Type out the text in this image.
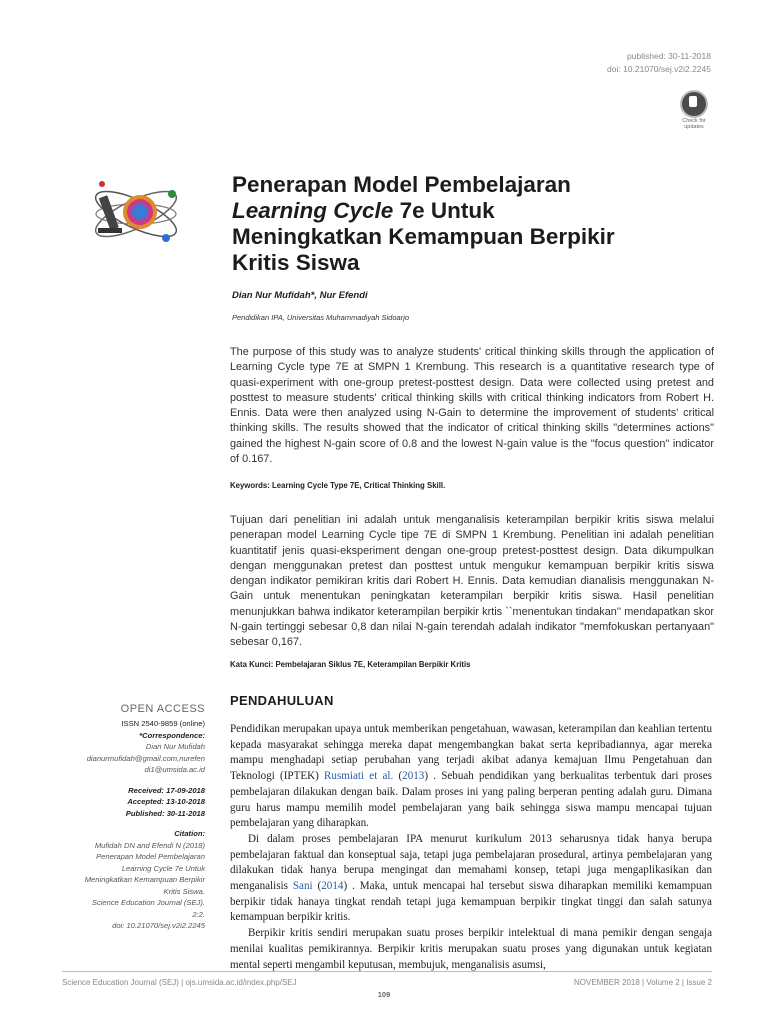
published: 30-11-2018
doi: 10.21070/sej.v2i2.2245
Check for
updates
Penerapan Model Pembelajaran
Learning Cycle 7e Untuk
Meningkatkan Kemampuan Berpikir
Kritis Siswa
Dian Nur Mufidah*, Nur Efendi
Pendidikan IPA, Universitas Muhammadiyah Sidoarjo
The purpose of this study was to analyze students' critical thinking skills through the application of Learning Cycle type 7E at SMPN 1 Krembung. This research is a quantitative research type of quasi-experiment with one-group pretest-posttest design. Data were collected using pretest and posttest to measure students' critical thinking skills with critical thinking indicators from Robert H. Ennis. Data were then analyzed using N-Gain to determine the improvement of students' critical thinking skills. The results showed that the indicator of critical thinking skills "determines actions" gained the highest N-gain score of 0.8 and the lowest N-gain value is the "focus question" indicator of 0.167.
Keywords: Learning Cycle Type 7E, Critical Thinking Skill.
Tujuan dari penelitian ini adalah untuk menganalisis keterampilan berpikir kritis siswa melalui penerapan model Learning Cycle tipe 7E di SMPN 1 Krembung. Penelitian ini adalah penelitian kuantitatif jenis quasi-eksperiment dengan one-group pretest-posttest design. Data dikumpulkan dengan menggunakan pretest dan posttest untuk mengukur kemampuan berpikir kritis siswa dengan indikator pemikiran kritis dari Robert H. Ennis. Data kemudian dianalisis menggunakan N-Gain untuk menentukan peningkatan keterampilan berpikir kritis siswa. Hasil penelitian menunjukkan bahwa indikator keterampilan berpikir krtis ``menentukan tindakan'' mendapatkan skor N-gain tertinggi sebesar 0,8 dan nilai N-gain terendah adalah indikator "memfokuskan pertanyaan" sebesar 0,167.
Kata Kunci: Pembelajaran Siklus 7E, Keterampilan Berpikir Kritis
OPEN ACCESS
ISSN 2540-9859 (online)
*Correspondence:
Dian Nur Mufidah
dianurmufidah@gmail.com,nurefen
di1@umsida.ac.id
Received: 17-09-2018
Accepted: 13-10-2018
Published: 30-11-2018
Citation:
Mufidah DN and Efendi N (2018)
Penerapan Model Pembelajaran
Learning Cycle 7e Untuk
Meningkatkan Kemampuan Berpikir
Kritis Siswa.
Science Education Journal (SEJ).
2:2.
doi: 10.21070/sej.v2i2.2245
PENDAHULUAN

Pendidikan merupakan upaya untuk memberikan pengetahuan, wawasan, keterampilan dan keahlian tertentu kepada masyarakat sehingga mereka dapat mengembangkan bakat serta kepribadiannya, agar mereka mampu menghadapi setiap perubahan yang terjadi akibat adanya kemajuan Ilmu Pengetahuan dan Teknologi (IPTEK) Rusmiati et al. (2013) . Sebuah pendidikan yang berkualitas terbentuk dari proses pembelajaran dilakukan dengan baik. Dalam proses ini yang paling berperan penting adalah guru. Dimana guru harus mampu memilih model pembelajaran yang baik sehingga siswa mampu mencapai tujuan pembelajaran yang diharapkan.

Di dalam proses pembelajaran IPA menurut kurikulum 2013 seharusnya tidak hanya berupa pembelajaran faktual dan konseptual saja, tetapi juga pembelajaran prosedural, artinya pembelajaran yang dilakukan tidak hanya berupa mengingat dan memahami konsep, tetapi juga mengaplikasikan dan menganalisis Sani (2014) . Maka, untuk mencapai hal tersebut siswa diharapkan memiliki kemampuan berpikir tidak hanaya tingkat rendah tetapi juga kemampuan berpikir tingkat tinggi dan salah satunya kemampuan berpikir kritis.

Berpikir kritis sendiri merupakan suatu proses berpikir intelektual di mana pemikir dengan sengaja menilai kualitas pemikirannya. Berpikir kritis merupakan suatu proses yang digunakan untuk kegiatan mental seperti mengambil keputusan, membujuk, menganalisis asumsi,

Science Education Journal (SEJ) | ojs.umsida.ac.id/index.php/SEJ	NOVEMBER 2018 | Volume 2 | Issue 2
109
